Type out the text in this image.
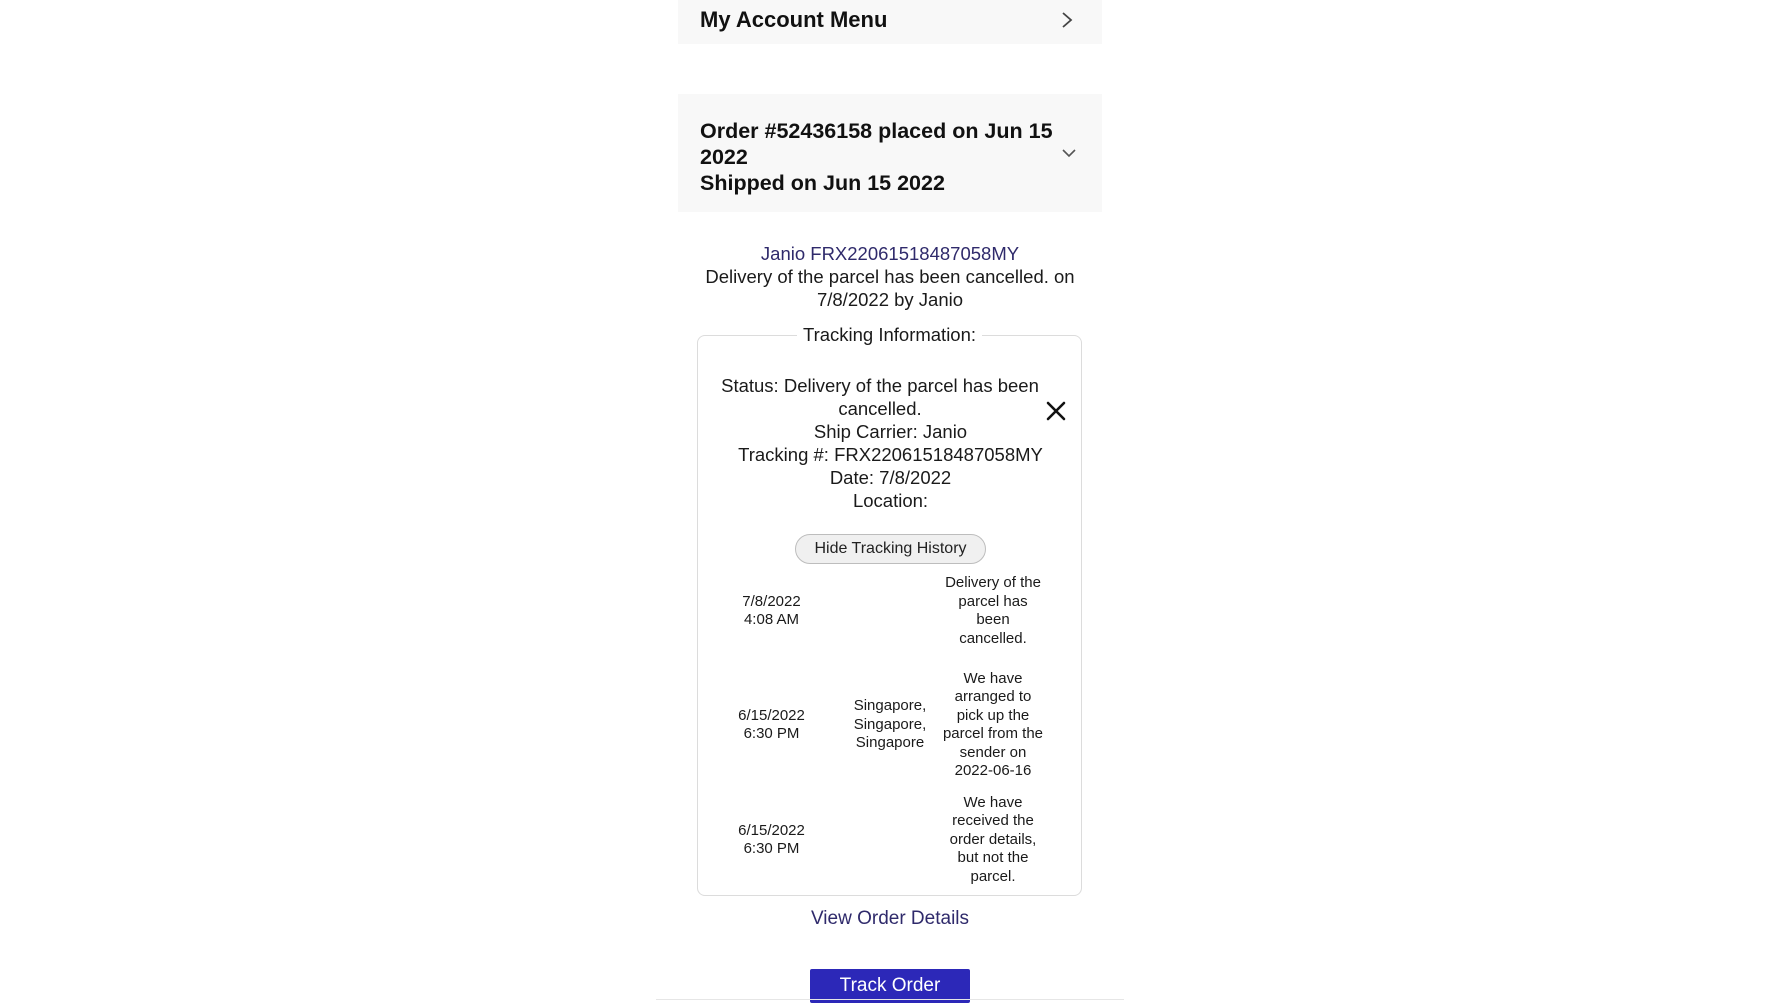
My Account Menu
Order #52436158 placed on Jun 15 2022
Shipped on Jun 15 2022
Janio FRX22061518487058MY
Delivery of the parcel has been cancelled. on 7/8/2022 by Janio
Tracking Information:
Status: Delivery of the parcel has been cancelled.
Ship Carrier: Janio
Tracking #: FRX22061518487058MY
Date: 7/8/2022
Location:
Hide Tracking History
7/8/2022
4:08 AM
Delivery of the parcel has been cancelled.
6/15/2022
6:30 PM
Singapore, Singapore, Singapore
We have arranged to pick up the parcel from the sender on 2022-06-16
6/15/2022
6:30 PM
We have received the order details, but not the parcel.
View Order Details
Track Order
